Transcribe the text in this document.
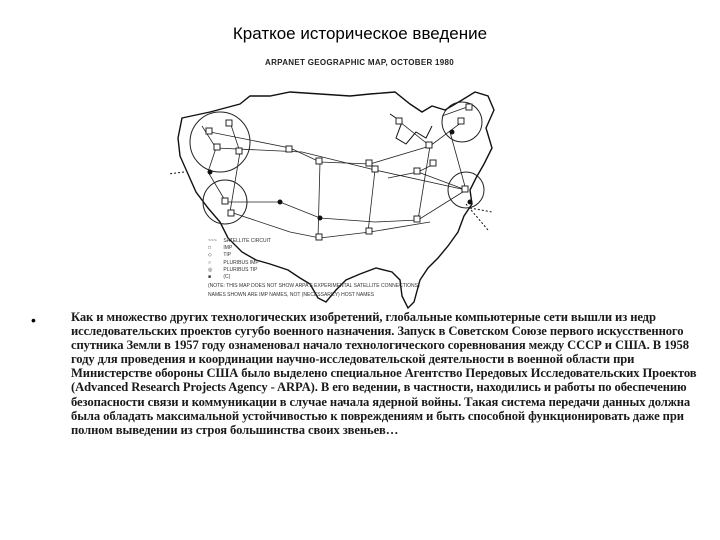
Краткое историческое введение
ARPANET GEOGRAPHIC MAP, OCTOBER 1980
~~~ SATELLITE CIRCUIT
□ IMP
◇ TIP
○ PLURIBUS IMP
◎ PLURIBUS TIP
■ (C)
(NOTE: THIS MAP DOES NOT SHOW ARPA'S EXPERIMENTAL SATELLITE CONNECTIONS)
NAMES SHOWN ARE IMP NAMES, NOT (NECESSARILY) HOST NAMES
•	Как и множество других технологических изобретений, глобальные компьютерные сети вышли из недр исследовательских проектов сугубо военного назначения. Запуск в Советском Союзе первого искусственного спутника Земли в 1957 году ознаменовал начало технологического соревнования между СССР и США. В 1958 году для проведения и координации научно-исследовательской деятельности в военной области при Министерстве обороны США было выделено специальное Агентство Передовых Исследовательских Проектов (Advanced Research Projects Agency - ARPA). В его ведении, в частности, находились и работы по обеспечению безопасности связи и коммуникации в случае начала ядерной войны. Такая система передачи данных должна была обладать максимальной устойчивостью к повреждениям и быть способной функционировать даже при полном выведении из строя большинства своих звеньев…
